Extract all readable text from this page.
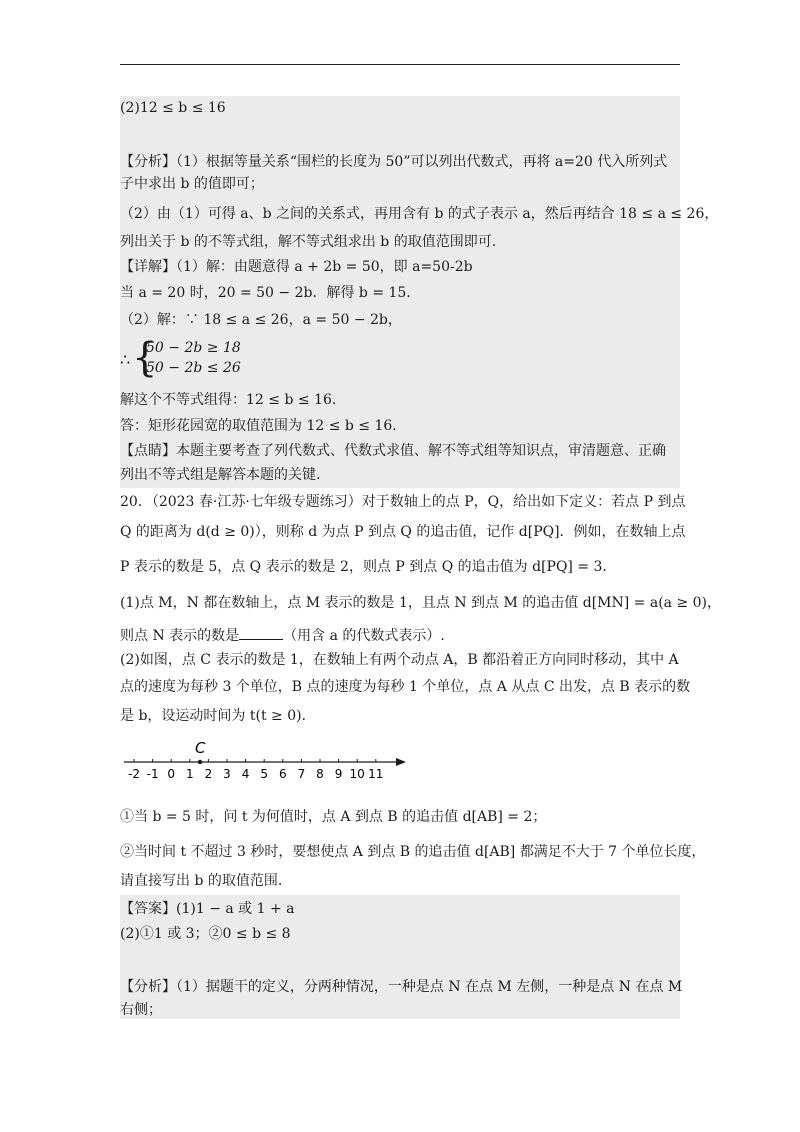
(2)12 ≤ b ≤ 16
【分析】（1）根据等量关系“围栏的长度为 50”可以列出代数式，再将 a=20 代入所列式
子中求出 b 的值即可；
（2）由（1）可得 a、b 之间的关系式，再用含有 b 的式子表示 a，然后再结合 18 ≤ a ≤ 26，
列出关于 b 的不等式组，解不等式组求出 b 的取值范围即可.
【详解】（1）解：由题意得 a + 2b = 50，即 a=50-2b
当 a = 20 时，20 = 50 − 2b．解得 b = 15．
（2）解：∵ 18 ≤ a ≤ 26，a = 50 − 2b，
∴ {
50 − 2b ≥ 18
50 − 2b ≤ 26
解这个不等式组得：12 ≤ b ≤ 16．
答：矩形花园宽的取值范围为 12 ≤ b ≤ 16．
【点睛】本题主要考查了列代数式、代数式求值、解不等式组等知识点，审清题意、正确
列出不等式组是解答本题的关键.
20．（2023 春·江苏·七年级专题练习）对于数轴上的点 P，Q，给出如下定义：若点 P 到点
Q 的距离为 d(d ≥ 0)），则称 d 为点 P 到点 Q 的追击值，记作 d[PQ]．例如，在数轴上点
P 表示的数是 5，点 Q 表示的数是 2，则点 P 到点 Q 的追击值为 d[PQ] = 3．
(1)点 M，N 都在数轴上，点 M 表示的数是 1，且点 N 到点 M 的追击值 d[MN] = a(a ≥ 0)，
则点 N 表示的数是	（用含 a 的代数式表示）.
(2)如图，点 C 表示的数是 1，在数轴上有两个动点 A，B 都沿着正方向同时移动，其中 A
点的速度为每秒 3 个单位，B 点的速度为每秒 1 个单位，点 A 从点 C 出发，点 B 表示的数
是 b，设运动时间为 t(t ≥ 0)．
C
-2 -1 0 1 2 3 4 5 6 7 8 9 10 11
①当 b = 5 时，问 t 为何值时，点 A 到点 B 的追击值 d[AB] = 2；
②当时间 t 不超过 3 秒时，要想使点 A 到点 B 的追击值 d[AB] 都满足不大于 7 个单位长度，
请直接写出 b 的取值范围.
【答案】(1)1 − a 或 1 + a
(2)①1 或 3；②0 ≤ b ≤ 8
【分析】（1）据题干的定义，分两种情况，一种是点 N 在点 M 左侧，一种是点 N 在点 M
右侧；
